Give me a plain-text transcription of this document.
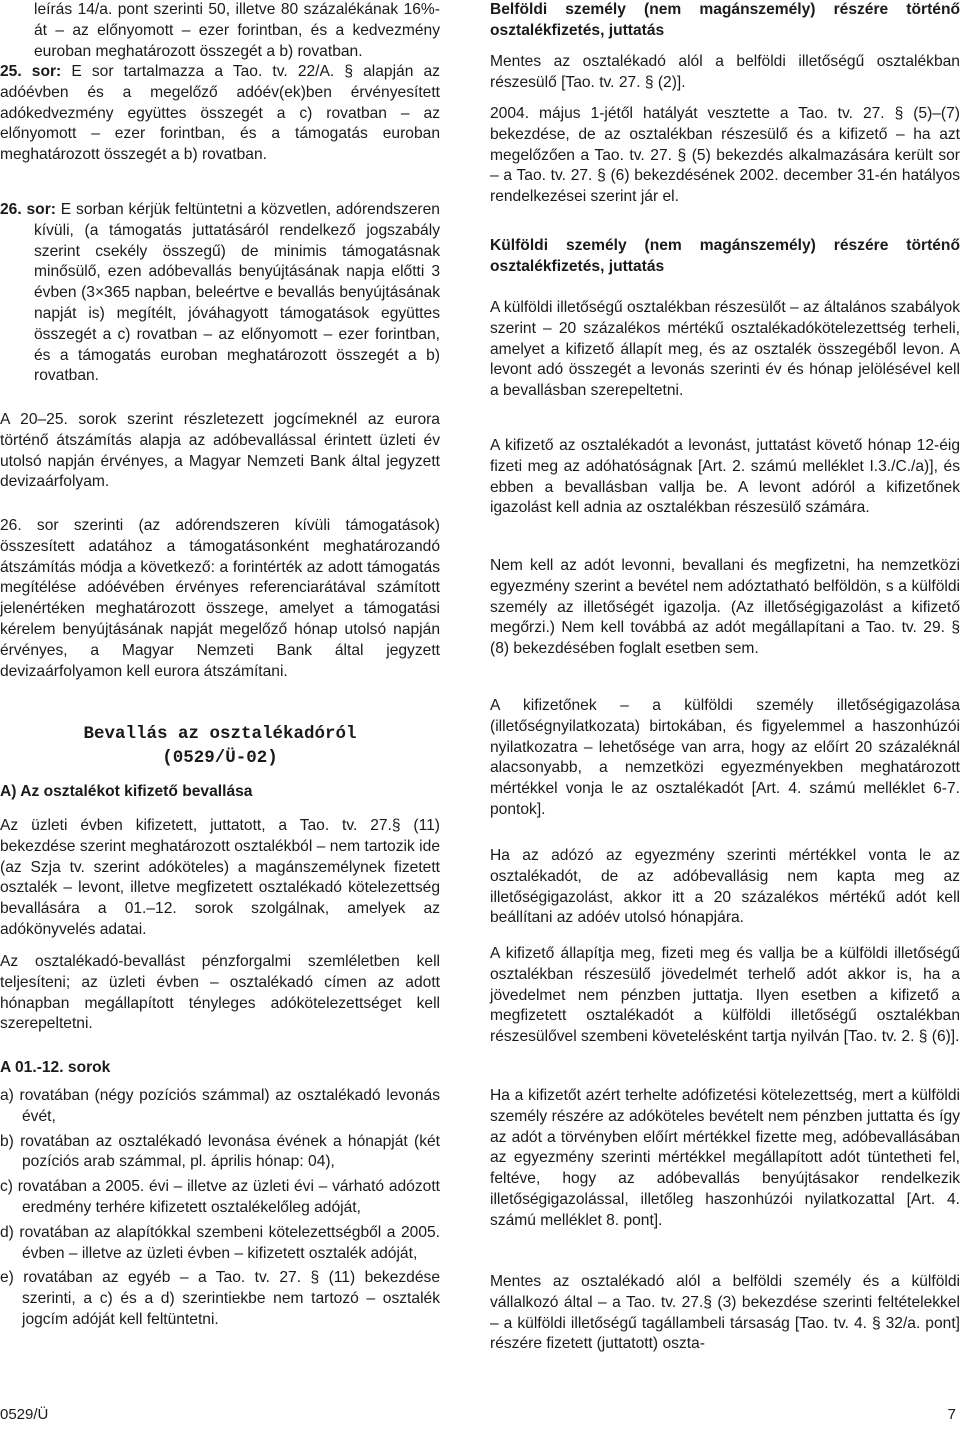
leírás 14/a. pont szerinti 50, illetve 80 százalékának 16%-át – az előnyomott – ezer forintban, és a kedvezmény euroban meghatározott összegét a b) rovatban.

25. sor: E sor tartalmazza a Tao. tv. 22/A. § alapján az adóévben és a megelőző adóév(ek)ben érvényesített adókedvezmény együttes összegét a c) rovatban – az előnyomott – ezer forintban, és a támogatás euroban meghatározott összegét a b) rovatban.

26. sor: E sorban kérjük feltüntetni a közvetlen, adórendszeren kívüli, (a támogatás juttatásáról rendelkező jogszabály szerint csekély összegű) de minimis támogatásnak minősülő, ezen adóbevallás benyújtásának napja előtti 3 évben (3×365 napban, beleértve e bevallás benyújtásának napját is) megítélt, jóváhagyott támogatások együttes összegét a c) rovatban – az előnyomott – ezer forintban, és a támogatás euroban meghatározott összegét a b) rovatban.

A 20–25. sorok szerint részletezett jogcímeknél az eurora történő átszámítás alapja az adóbevallással érintett üzleti év utolsó napján érvényes, a Magyar Nemzeti Bank által jegyzett devizaárfolyam.

26. sor szerinti (az adórendszeren kívüli támogatások) összesített adatához a támogatásonként meghatározandó átszámítás módja a következő: a forintérték az adott támogatás megítélése adóévében érvényes referenciarátával számított jelenértéken meghatározott összege, amelyet a támogatási kérelem benyújtásának napját megelőző hónap utolsó napján érvényes, a Magyar Nemzeti Bank által jegyzett devizaárfolyamon kell eurora átszámítani.

Bevallás az osztalékadóról
(0529/Ü-02)
A) Az osztalékot kifizető bevallása

Az üzleti évben kifizetett, juttatott, a Tao. tv. 27.§ (11) bekezdése szerint meghatározott osztalékból – nem tartozik ide (az Szja tv. szerint adóköteles) a magánszemélynek fizetett osztalék – levont, illetve megfizetett osztalékadó kötelezettség bevallására a 01.–12. sorok szolgálnak, amelyek az adókönyvelés adatai.

Az osztalékadó-bevallást pénzforgalmi szemléletben kell teljesíteni; az üzleti évben – osztalékadó címen az adott hónapban megállapított tényleges adókötelezettséget kell szerepeltetni.

A 01.-12. sorok

a) rovatában (négy pozíciós számmal) az osztalékadó levonás évét,

b) rovatában az osztalékadó levonása évének a hónapját (két pozíciós arab számmal, pl. április hónap: 04),

c) rovatában a 2005. évi – illetve az üzleti évi – várható adózott eredmény terhére kifizetett osztalékelőleg adóját,

d) rovatában az alapítókkal szembeni kötelezettségből a 2005. évben – illetve az üzleti évben – kifizetett osztalék adóját,

e) rovatában az egyéb – a Tao. tv. 27. § (11) bekezdése szerinti, a c) és a d) szerintiekbe nem tartozó – osztalék jogcím adóját kell feltüntetni.

Belföldi személy (nem magánszemély) részére történő osztalékfizetés, juttatás

Mentes az osztalékadó alól a belföldi illetőségű osztalékban részesülő [Tao. tv. 27. § (2)].

2004. május 1-jétől hatályát vesztette a Tao. tv. 27. § (5)–(7) bekezdése, de az osztalékban részesülő és a kifizető – ha azt megelőzően a Tao. tv. 27. § (5) bekezdés alkalmazására került sor – a Tao. tv. 27. § (6) bekezdésének 2002. december 31-én hatályos rendelkezései szerint jár el.

Külföldi személy (nem magánszemély) részére történő osztalékfizetés, juttatás

A külföldi illetőségű osztalékban részesülőt – az általános szabályok szerint – 20 százalékos mértékű osztalékadókötelezettség terheli, amelyet a kifizető állapít meg, és az osztalék összegéből levon. A levont adó összegét a levonás szerinti év és hónap jelölésével kell a bevallásban szerepeltetni.

A kifizető az osztalékadót a levonást, juttatást követő hónap 12-éig fizeti meg az adóhatóságnak [Art. 2. számú melléklet I.3./C./a)], és ebben a bevallásban vallja be. A levont adóról a kifizetőnek igazolást kell adnia az osztalékban részesülő számára.

Nem kell az adót levonni, bevallani és megfizetni, ha nemzetközi egyezmény szerint a bevétel nem adóztatható belföldön, s a külföldi személy az illetőségét igazolja. (Az illetőségigazolást a kifizető megőrzi.) Nem kell továbbá az adót megállapítani a Tao. tv. 29. § (8) bekezdésében foglalt esetben sem.

A kifizetőnek – a külföldi személy illetőségigazolása (illetőségnyilatkozata) birtokában, és figyelemmel a haszonhúzói nyilatkozatra – lehetősége van arra, hogy az előírt 20 százaléknál alacsonyabb, a nemzetközi egyezményekben meghatározott mértékkel vonja le az osztalékadót [Art. 4. számú melléklet 6-7. pontok].

Ha az adózó az egyezmény szerinti mértékkel vonta le az osztalékadót, de az adóbevallásig nem kapta meg az illetőségigazolást, akkor itt a 20 százalékos mértékű adót kell beállítani az adóév utolsó hónapjára.

A kifizető állapítja meg, fizeti meg és vallja be a külföldi illetőségű osztalékban részesülő jövedelmét terhelő adót akkor is, ha a jövedelmet nem pénzben juttatja. Ilyen esetben a kifizető a megfizetett osztalékadót a külföldi illetőségű osztalékban részesülővel szembeni követelésként tartja nyilván [Tao. tv. 2. § (6)].

Ha a kifizetőt azért terhelte adófizetési kötelezettség, mert a külföldi személy részére az adóköteles bevételt nem pénzben juttatta és így az adót a törvényben előírt mértékkel fizette meg, adóbevallásában az egyezmény szerinti mértékkel megállapított adót tüntetheti fel, feltéve, hogy az adóbevallás benyújtásakor rendelkezik illetőségigazolással, illetőleg haszonhúzói nyilatkozattal [Art. 4. számú melléklet 8. pont].

Mentes az osztalékadó alól a belföldi személy és a külföldi vállalkozó által – a Tao. tv. 27.§ (3) bekezdése szerinti feltételekkel – a külföldi illetőségű tagállambeli társaság [Tao. tv. 4. § 32/a. pont] részére fizetett (juttatott) oszta-

0529/Ü	7
